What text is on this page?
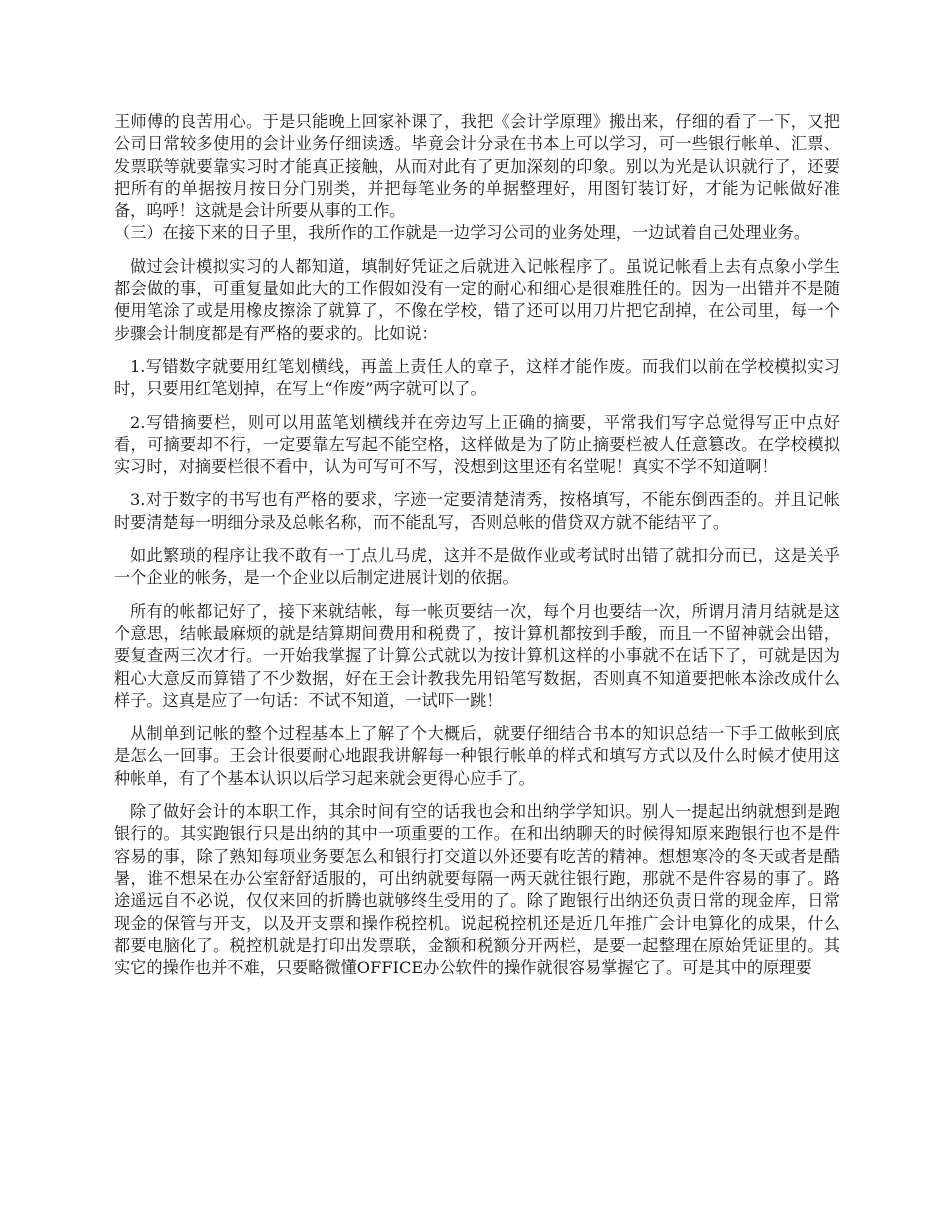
王师傅的良苦用心。于是只能晚上回家补课了，我把《会计学原理》搬出来，仔细的看了一下，又把公司日常较多使用的会计业务仔细读透。毕竟会计分录在书本上可以学习，可一些银行帐单、汇票、发票联等就要靠实习时才能真正接触，从而对此有了更加深刻的印象。别以为光是认识就行了，还要把所有的单据按月按日分门别类，并把每笔业务的单据整理好，用图钉装订好，才能为记帐做好准备，呜呼！这就是会计所要从事的工作。

（三）在接下来的日子里，我所作的工作就是一边学习公司的业务处理，一边试着自己处理业务。

做过会计模拟实习的人都知道，填制好凭证之后就进入记帐程序了。虽说记帐看上去有点象小学生都会做的事，可重复量如此大的工作假如没有一定的耐心和细心是很难胜任的。因为一出错并不是随便用笔涂了或是用橡皮擦涂了就算了，不像在学校，错了还可以用刀片把它刮掉，在公司里，每一个步骤会计制度都是有严格的要求的。比如说：

1.写错数字就要用红笔划横线，再盖上责任人的章子，这样才能作废。而我们以前在学校模拟实习时，只要用红笔划掉，在写上“作废”两字就可以了。

2.写错摘要栏，则可以用蓝笔划横线并在旁边写上正确的摘要，平常我们写字总觉得写正中点好看，可摘要却不行，一定要靠左写起不能空格，这样做是为了防止摘要栏被人任意篡改。在学校模拟实习时，对摘要栏很不看中，认为可写可不写，没想到这里还有名堂呢！真实不学不知道啊！

3.对于数字的书写也有严格的要求，字迹一定要清楚清秀，按格填写，不能东倒西歪的。并且记帐时要清楚每一明细分录及总帐名称，而不能乱写，否则总帐的借贷双方就不能结平了。

如此繁琐的程序让我不敢有一丁点儿马虎，这并不是做作业或考试时出错了就扣分而已，这是关乎一个企业的帐务，是一个企业以后制定进展计划的依据。

所有的帐都记好了，接下来就结帐，每一帐页要结一次，每个月也要结一次，所谓月清月结就是这个意思，结帐最麻烦的就是结算期间费用和税费了，按计算机都按到手酸，而且一不留神就会出错，要复查两三次才行。一开始我掌握了计算公式就以为按计算机这样的小事就不在话下了，可就是因为粗心大意反而算错了不少数据，好在王会计教我先用铅笔写数据，否则真不知道要把帐本涂改成什么样子。这真是应了一句话：不试不知道，一试吓一跳！

从制单到记帐的整个过程基本上了解了个大概后，就要仔细结合书本的知识总结一下手工做帐到底是怎么一回事。王会计很要耐心地跟我讲解每一种银行帐单的样式和填写方式以及什么时候才使用这种帐单，有了个基本认识以后学习起来就会更得心应手了。

除了做好会计的本职工作，其余时间有空的话我也会和出纳学学知识。别人一提起出纳就想到是跑银行的。其实跑银行只是出纳的其中一项重要的工作。在和出纳聊天的时候得知原来跑银行也不是件容易的事，除了熟知每项业务要怎么和银行打交道以外还要有吃苦的精神。想想寒冷的冬天或者是酷暑，谁不想呆在办公室舒舒适服的，可出纳就要每隔一两天就往银行跑，那就不是件容易的事了。路途遥远自不必说，仅仅来回的折腾也就够终生受用的了。除了跑银行出纳还负责日常的现金库，日常现金的保管与开支，以及开支票和操作税控机。说起税控机还是近几年推广会计电算化的成果，什么都要电脑化了。税控机就是打印出发票联，金额和税额分开两栏，是要一起整理在原始凭证里的。其实它的操作也并不难，只要略微懂OFFICE办公软件的操作就很容易掌握它了。可是其中的原理要
